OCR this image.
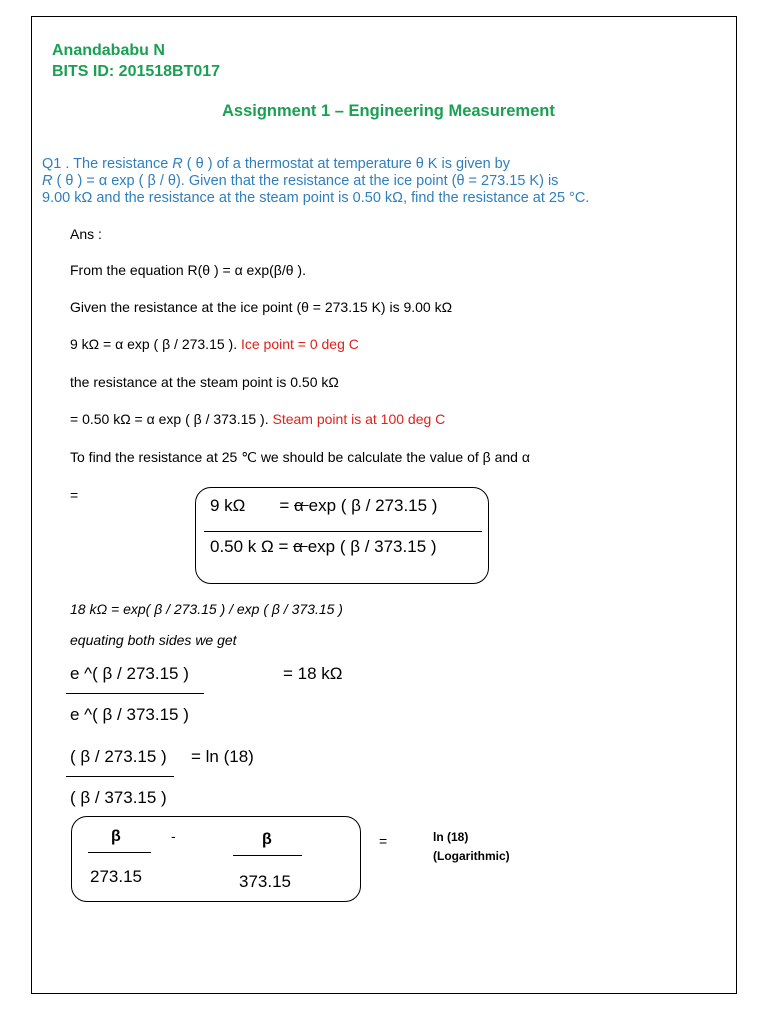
Anandababu N
BITS ID: 201518BT017
Assignment 1 – Engineering Measurement
Q1 . The resistance R ( θ ) of a thermostat at temperature θ K is given by
R ( θ ) = α exp ( β / θ). Given that the resistance at the ice point (θ = 273.15 K) is
9.00 kΩ and the resistance at the steam point is 0.50 kΩ, find the resistance at 25 °C.
Ans :
From the equation R(θ ) = α exp(β/θ ).
Given the resistance at the ice point (θ = 273.15 K) is 9.00 kΩ
9 kΩ = α exp ( β / 273.15 ). Ice point = 0 deg C
the resistance at the steam point is 0.50 kΩ
= 0.50 kΩ = α exp ( β / 373.15 ). Steam point is at 100 deg C
To find the resistance at 25 ℃ we should be calculate the value of β and α
=
9 kΩ = α exp ( β / 273.15 )
0.50 k Ω = α exp ( β / 373.15 )
18 kΩ = exp( β / 273.15 ) / exp ( β / 373.15 )
equating both sides we get
e ^( β / 273.15 )	= 18 kΩ
e ^( β / 373.15 )
( β / 273.15 ) = ln (18)
( β / 373.15 )
β
273.15
-	β
373.15
=	ln (18)
(Logarithmic)
